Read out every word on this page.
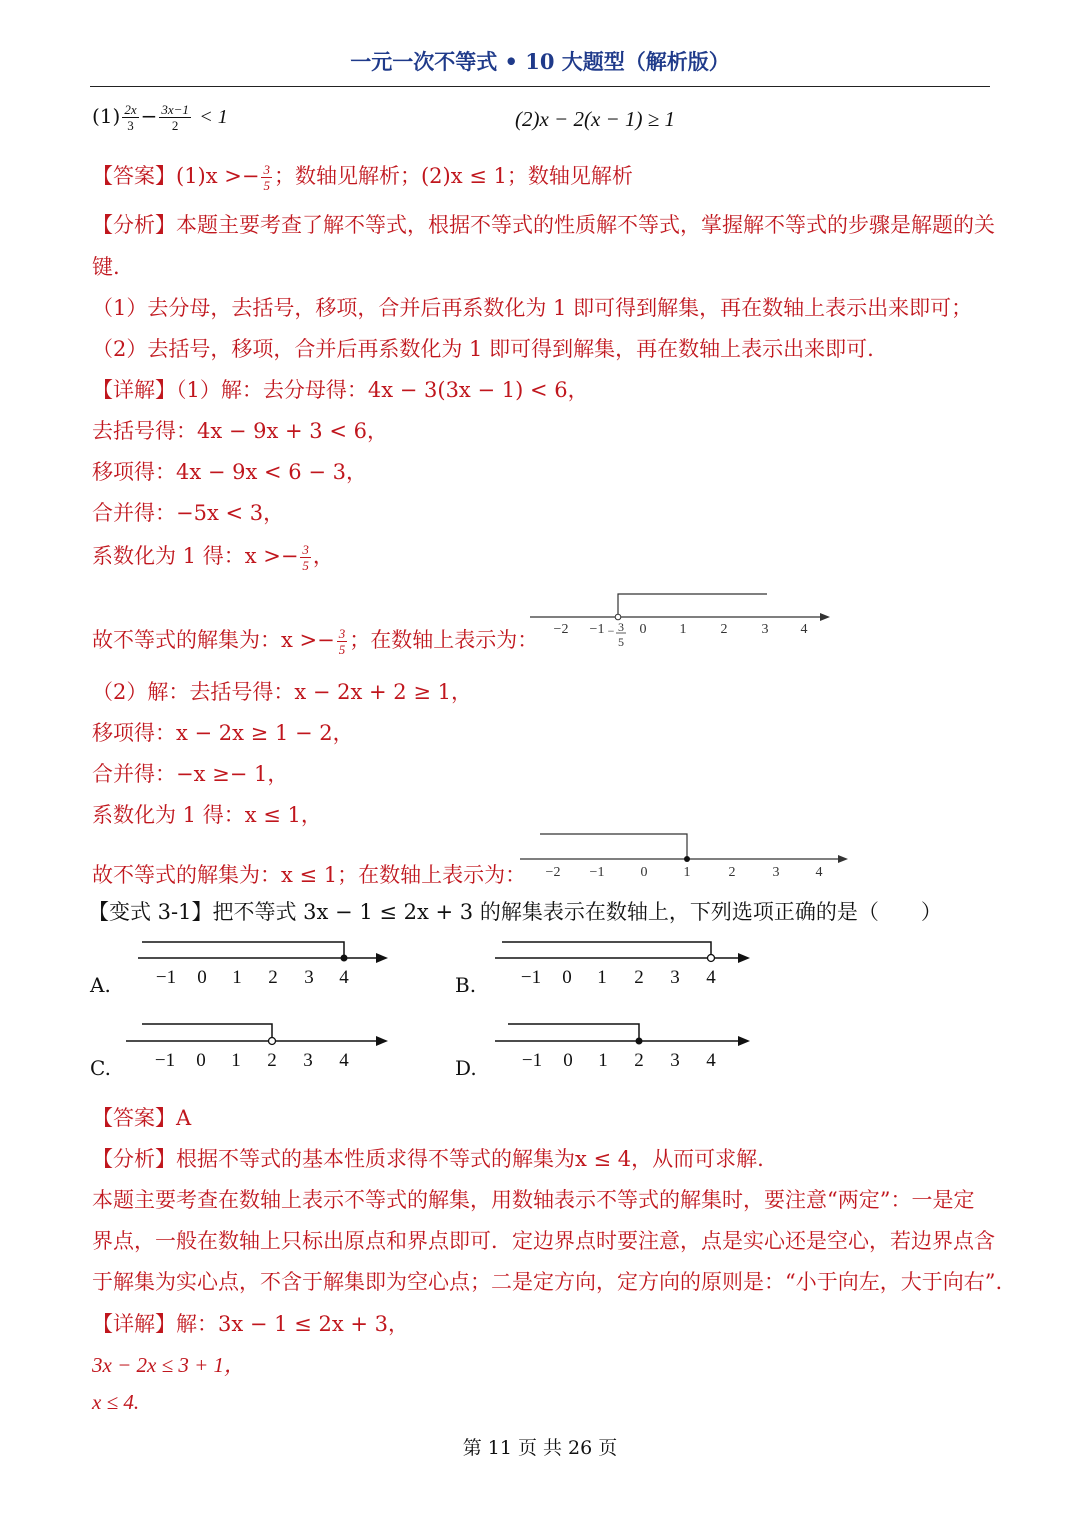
一元一次不等式 • 10 大题型（解析版）
$(1) \frac{2x}{3} - \frac{3x-1}{2} < 1$	(2)x − 2(x − 1) ≥ 1
【答案】$(1)x >- \frac{3}{5}$ ；数轴见解析；(2)x ≤ 1；数轴见解析
【分析】本题主要考查了解不等式，根据不等式的性质解不等式，掌握解不等式的步骤是解题的关
键.
（1）去分母，去括号，移项，合并后再系数化为 1 即可得到解集，再在数轴上表示出来即可；
（2）去括号，移项，合并后再系数化为 1 即可得到解集，再在数轴上表示出来即可.
【详解】（1）解：去分母得：4x − 3(3x − 1) < 6，
去括号得：4x − 9x + 3 < 6，
移项得：4x − 9x < 6 − 3，
合并得：−5x < 3，
系数化为 1 得：$x >- \frac{3}{5}$ ，
故不等式的解集为：$x >- \frac{3}{5}$ ；在数轴上表示为： −2 −1	0 1 2 3 4
− 3
5
（2）解：去括号得：x − 2x + 2 ≥ 1，
移项得：x − 2x ≥ 1 − 2，
合并得：−x ≥− 1，
系数化为 1 得：x ≤ 1，
故不等式的解集为：x ≤ 1；在数轴上表示为： −2 −1	0	1	2	3	4
【变式 3-1】把不等式 3x − 1 ≤ 2x + 3 的解集表示在数轴上，下列选项正确的是（　　）
A. −1 0 1 2 3 4	B. −1 0 1 2 3 4
C. −1 0 1 2 3 4	D. −1 0 1 2 3 4
【答案】A
【分析】根据不等式的基本性质求得不等式的解集为x ≤ 4，从而可求解.
本题主要考查在数轴上表示不等式的解集，用数轴表示不等式的解集时，要注意“两定”：一是定
界点，一般在数轴上只标出原点和界点即可．定边界点时要注意，点是实心还是空心，若边界点含
于解集为实心点，不含于解集即为空心点；二是定方向，定方向的原则是：“小于向左，大于向右”.
【详解】解：3x − 1 ≤ 2x + 3，
3x − 2x ≤ 3 + 1，
x ≤ 4.
第 11 页 共 26 页
